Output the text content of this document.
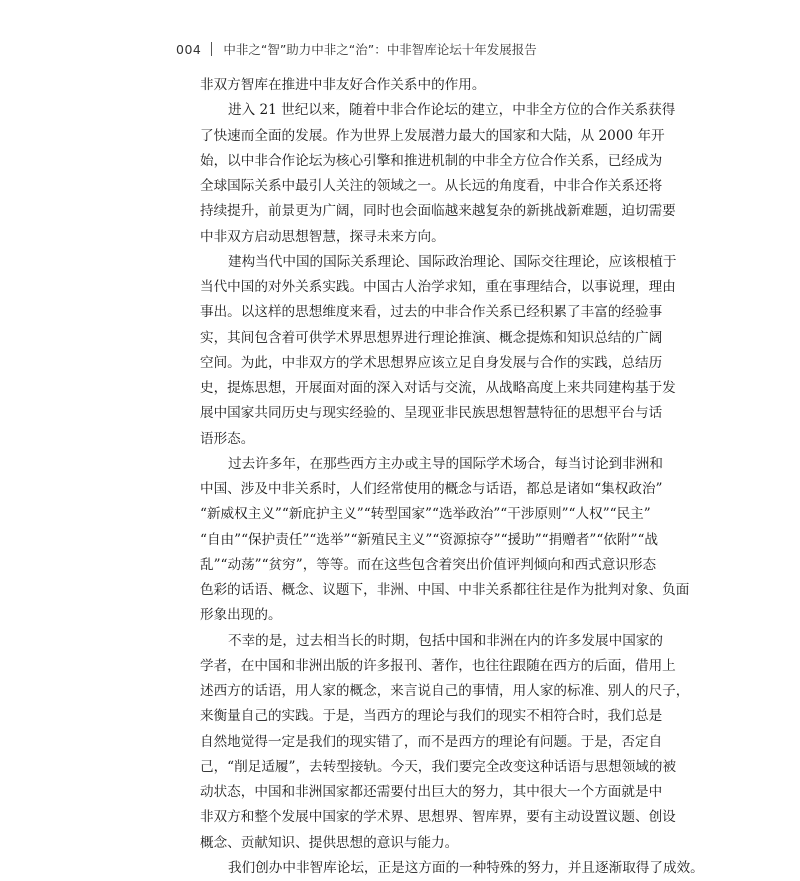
004 中非之“智”助力中非之“治”：中非智库论坛十年发展报告
非双方智库在推进中非友好合作关系中的作用。
进入 21 世纪以来，随着中非合作论坛的建立，中非全方位的合作关系获得
了快速而全面的发展。作为世界上发展潜力最大的国家和大陆，从 2000 年开
始，以中非合作论坛为核心引擎和推进机制的中非全方位合作关系，已经成为
全球国际关系中最引人关注的领域之一。从长远的角度看，中非合作关系还将
持续提升，前景更为广阔，同时也会面临越来越复杂的新挑战新难题，迫切需要
中非双方启动思想智慧，探寻未来方向。
建构当代中国的国际关系理论、国际政治理论、国际交往理论，应该根植于
当代中国的对外关系实践。中国古人治学求知，重在事理结合，以事说理，理由
事出。以这样的思想维度来看，过去的中非合作关系已经积累了丰富的经验事
实，其间包含着可供学术界思想界进行理论推演、概念提炼和知识总结的广阔
空间。为此，中非双方的学术思想界应该立足自身发展与合作的实践，总结历
史，提炼思想，开展面对面的深入对话与交流，从战略高度上来共同建构基于发
展中国家共同历史与现实经验的、呈现亚非民族思想智慧特征的思想平台与话
语形态。
过去许多年，在那些西方主办或主导的国际学术场合，每当讨论到非洲和
中国、涉及中非关系时，人们经常使用的概念与话语，都总是诸如“集权政治”
“新威权主义”“新庇护主义”“转型国家”“选举政治”“干涉原则”“人权”“民主”
“自由”“保护责任”“选举”“新殖民主义”“资源掠夺”“援助”“捐赠者”“依附”“战
乱”“动荡”“贫穷”，等等。而在这些包含着突出价值评判倾向和西式意识形态
色彩的话语、概念、议题下，非洲、中国、中非关系都往往是作为批判对象、负面
形象出现的。
不幸的是，过去相当长的时期，包括中国和非洲在内的许多发展中国家的
学者，在中国和非洲出版的许多报刊、著作，也往往跟随在西方的后面，借用上
述西方的话语，用人家的概念，来言说自己的事情，用人家的标准、别人的尺子，
来衡量自己的实践。于是，当西方的理论与我们的现实不相符合时，我们总是
自然地觉得一定是我们的现实错了，而不是西方的理论有问题。于是，否定自
己，“削足适履”，去转型接轨。今天，我们要完全改变这种话语与思想领域的被
动状态，中国和非洲国家都还需要付出巨大的努力，其中很大一个方面就是中
非双方和整个发展中国家的学术界、思想界、智库界，要有主动设置议题、创设
概念、贡献知识、提供思想的意识与能力。
我们创办中非智库论坛，正是这方面的一种特殊的努力，并且逐渐取得了成效。
